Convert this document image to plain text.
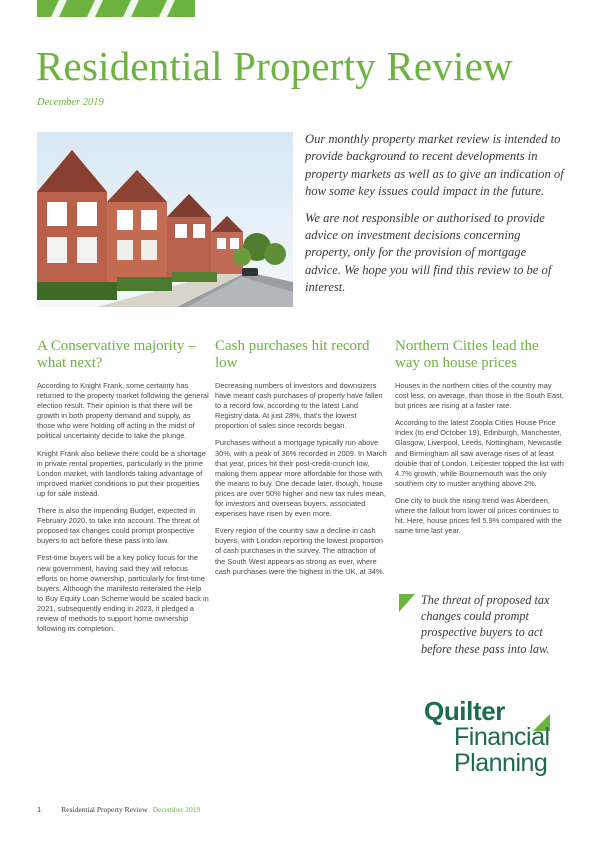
Residential Property Review
December 2019

Our monthly property market review is intended to provide background to recent developments in property markets as well as to give an indication of how some key issues could impact in the future.

We are not responsible or authorised to provide advice on investment decisions concerning property, only for the provision of mortgage advice. We hope you will find this review to be of interest.

A Conservative majority – what next?

According to Knight Frank, some certainty has returned to the property market following the general election result. Their opinion is that there will be growth in both property demand and supply, as those who were holding off acting in the midst of political uncertainty decide to take the plunge.

Knight Frank also believe there could be a shortage in private rental properties, particularly in the prime London market, with landlords taking advantage of improved market conditions to put their properties up for sale instead.

There is also the impending Budget, expected in February 2020, to take into account. The threat of proposed tax changes could prompt prospective buyers to act before these pass into law.

First-time buyers will be a key policy focus for the new government, having said they will refocus efforts on home ownership, particularly for first-time buyers. Although the manifesto reiterated the Help to Buy Equity Loan Scheme would be scaled back in 2021, subsequently ending in 2023, it pledged a review of methods to support home ownership following its completion.

Cash purchases hit record low

Decreasing numbers of investors and downsizers have meant cash purchases of property have fallen to a record low, according to the latest Land Registry data. At just 28%, that's the lowest proportion of sales since records began.

Purchases without a mortgage typically run above 30%, with a peak of 36% recorded in 2009. In March that year, prices hit their post-credit-crunch low, making them appear more affordable for those with the means to buy. One decade later, though, house prices are over 50% higher and new tax rules mean, for investors and overseas buyers, associated expenses have risen by even more.

Every region of the country saw a decline in cash buyers, with London reporting the lowest proportion of cash purchases in the survey. The attraction of the South West appears as strong as ever, where cash purchases were the highest in the UK, at 34%.

Northern Cities lead the way on house prices

Houses in the northern cities of the country may cost less, on average, than those in the South East, but prices are rising at a faster rate.

According to the latest Zoopla Cities House Price Index (to end October 19), Edinburgh, Manchester, Glasgow, Liverpool, Leeds, Nottingham, Newcastle and Birmingham all saw average rises of at least double that of London. Leicester topped the list with 4.7% growth, while Bournemouth was the only southern city to muster anything above 2%.

One city to buck the rising trend was Aberdeen, where the fallout from lower oil prices continues to hit. Here, house prices fell 5.9% compared with the same time last year.

The threat of proposed tax changes could prompt prospective buyers to act before these pass into law.
Quilter
Financial
Planning
1	Residential Property Review December 2019
